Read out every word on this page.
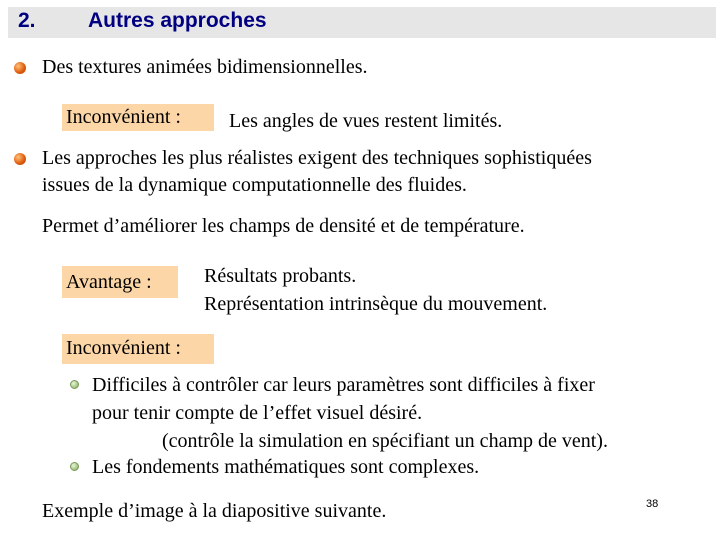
2. Autres approches
Des textures animées bidimensionnelles.
Inconvénient :	Les angles de vues restent limités.
Les approches les plus réalistes exigent des techniques sophistiquées
issues de la dynamique computationnelle des fluides.
Permet d’améliorer les champs de densité et de température.
Avantage :	Résultats probants.
Représentation intrinsèque du mouvement.
Inconvénient :
Difficiles à contrôler car leurs paramètres sont difficiles à fixer
pour tenir compte de l’effet visuel désiré.
(contrôle la simulation en spécifiant un champ de vent).
Les fondements mathématiques sont complexes.
Exemple d’image à la diapositive suivante.	38
